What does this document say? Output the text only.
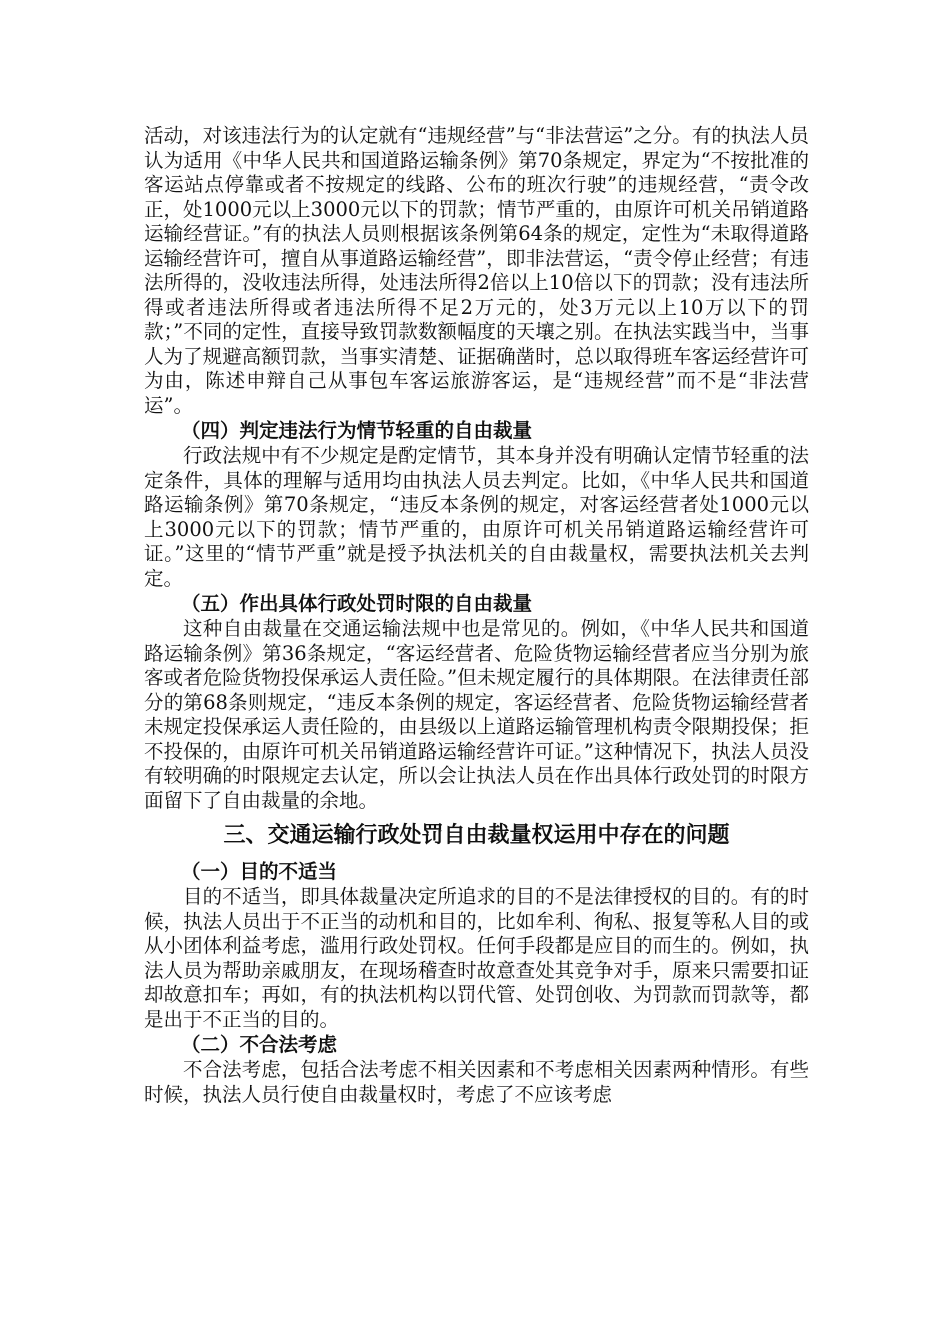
活动，对该违法行为的认定就有“违规经营”与“非法营运”之分。有的执法人员认为适用《中华人民共和国道路运输条例》第70条规定，界定为“不按批准的客运站点停靠或者不按规定的线路、公布的班次行驶”的违规经营，“责令改正，处1000元以上3000元以下的罚款；情节严重的，由原许可机关吊销道路运输经营证。”有的执法人员则根据该条例第64条的规定，定性为“未取得道路运输经营许可，擅自从事道路运输经营”，即非法营运，“责令停止经营；有违法所得的，没收违法所得，处违法所得2倍以上10倍以下的罚款；没有违法所得或者违法所得或者违法所得不足2万元的，处3万元以上10万以下的罚款；”不同的定性，直接导致罚款数额幅度的天壤之别。在执法实践当中，当事人为了规避高额罚款，当事实清楚、证据确凿时，总以取得班车客运经营许可为由，陈述申辩自己从事包车客运旅游客运，是“违规经营”而不是“非法营运”。

（四）判定违法行为情节轻重的自由裁量

行政法规中有不少规定是酌定情节，其本身并没有明确认定情节轻重的法定条件，具体的理解与适用均由执法人员去判定。比如，《中华人民共和国道路运输条例》第70条规定，“违反本条例的规定，对客运经营者处1000元以上3000元以下的罚款；情节严重的，由原许可机关吊销道路运输经营许可证。”这里的“情节严重”就是授予执法机关的自由裁量权，需要执法机关去判定。

（五）作出具体行政处罚时限的自由裁量

这种自由裁量在交通运输法规中也是常见的。例如，《中华人民共和国道路运输条例》第36条规定，“客运经营者、危险货物运输经营者应当分别为旅客或者危险货物投保承运人责任险。”但未规定履行的具体期限。在法律责任部分的第68条则规定，“违反本条例的规定，客运经营者、危险货物运输经营者未规定投保承运人责任险的，由县级以上道路运输管理机构责令限期投保；拒不投保的，由原许可机关吊销道路运输经营许可证。”这种情况下，执法人员没有较明确的时限规定去认定，所以会让执法人员在作出具体行政处罚的时限方面留下了自由裁量的余地。

三、交通运输行政处罚自由裁量权运用中存在的问题

（一）目的不适当

目的不适当，即具体裁量决定所追求的目的不是法律授权的目的。有的时候，执法人员出于不正当的动机和目的，比如牟利、徇私、报复等私人目的或从小团体利益考虑，滥用行政处罚权。任何手段都是应目的而生的。例如，执法人员为帮助亲戚朋友，在现场稽查时故意查处其竞争对手，原来只需要扣证却故意扣车；再如，有的执法机构以罚代管、处罚创收、为罚款而罚款等，都是出于不正当的目的。

（二）不合法考虑

不合法考虑，包括合法考虑不相关因素和不考虑相关因素两种情形。有些时候，执法人员行使自由裁量权时，考虑了不应该考虑
